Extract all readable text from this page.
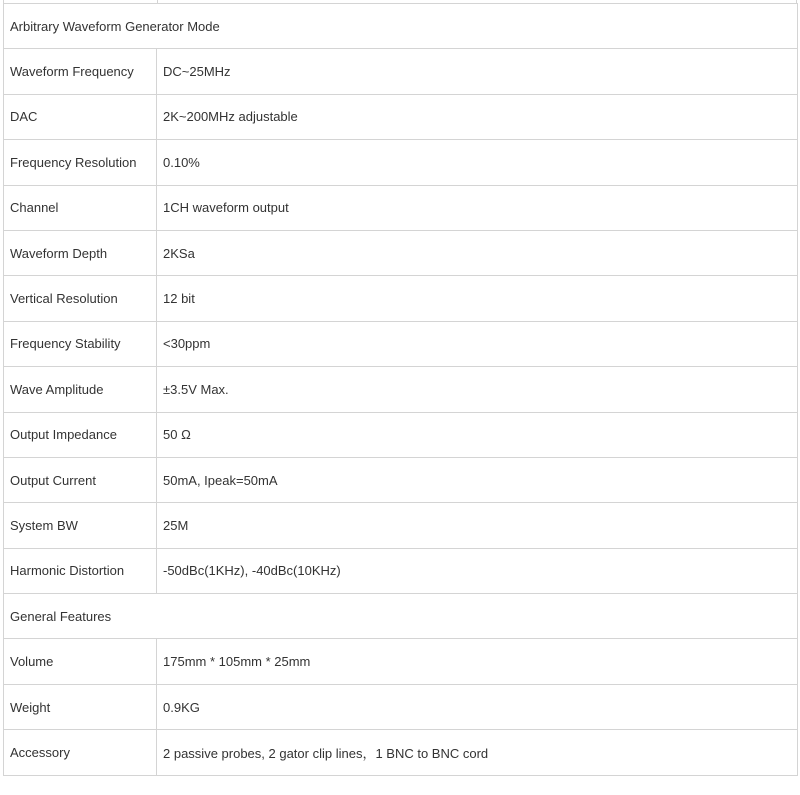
Arbitrary Waveform Generator Mode	
Waveform Frequency	DC~25MHz
DAC	2K~200MHz adjustable
Frequency Resolution	0.10%
Channel	1CH waveform output
Waveform Depth	2KSa
Vertical Resolution	12 bit
Frequency Stability	<30ppm
Wave Amplitude	±3.5V Max.
Output Impedance	50 Ω
Output Current	50mA, Ipeak=50mA
System BW	25M
Harmonic Distortion	-50dBc(1KHz), -40dBc(10KHz)
General Features	
Volume	175mm * 105mm * 25mm
Weight	0.9KG
Accessory	2 passive probes, 2 gator clip lines，1 BNC to BNC cord
